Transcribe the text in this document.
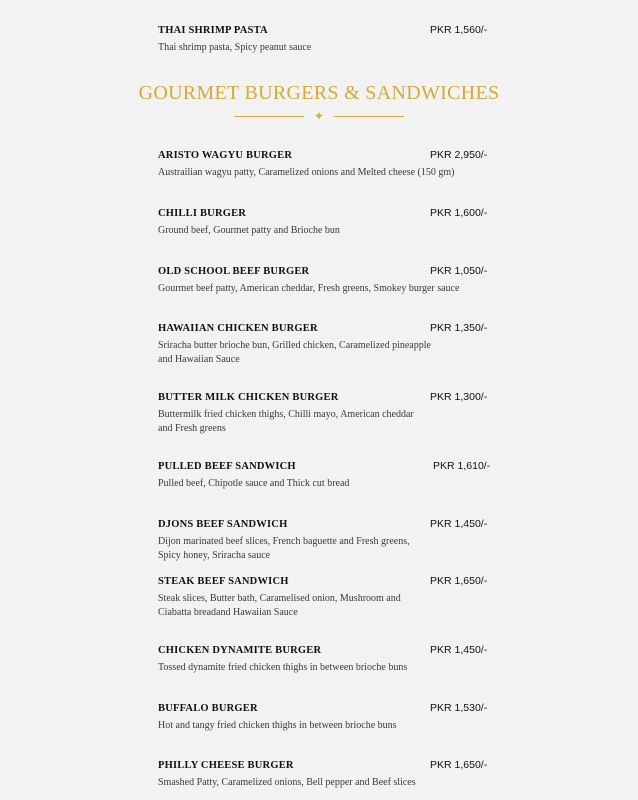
THAI SHRIMP PASTA	PKR 1,560/-
Thai shrimp pasta, Spicy peanut sauce
GOURMET BURGERS & SANDWICHES
✦
ARISTO WAGYU BURGER	PKR 2,950/-
Austrailian wagyu patty, Caramelized onions and Melted cheese (150 gm)
CHILLI BURGER	PKR 1,600/-
Ground beef, Gourmet patty and Brioche bun
OLD SCHOOL BEEF BURGER	PKR 1,050/-
Gourmet beef patty, American cheddar, Fresh greens, Smokey burger sauce
HAWAIIAN CHICKEN BURGER	PKR 1,350/-
Sriracha butter brioche bun, Grilled chicken, Caramelized pineapple and Hawaiian Sauce
BUTTER MILK CHICKEN BURGER	PKR 1,300/-
Buttermilk fried chicken thighs, Chilli mayo, American cheddar and Fresh greens
PULLED BEEF SANDWICH	PKR 1,610/-
Pulled beef, Chipotle sauce and Thick cut bread
DJONS BEEF SANDWICH	PKR 1,450/-
Dijon marinated beef slices, French baguette and Fresh greens, Spicy honey, Sriracha sauce
STEAK BEEF SANDWICH	PKR 1,650/-
Steak slices, Butter bath, Caramelised onion, Mushroom and Ciabatta breadand Hawaiian Sauce
CHICKEN DYNAMITE BURGER	PKR 1,450/-
Tossed dynamite fried chicken thighs in between brioche buns
BUFFALO BURGER	PKR 1,530/-
Hot and tangy fried chicken thighs in between brioche buns
PHILLY CHEESE BURGER	PKR 1,650/-
Smashed Patty, Caramelized onions, Bell pepper and Beef slices
